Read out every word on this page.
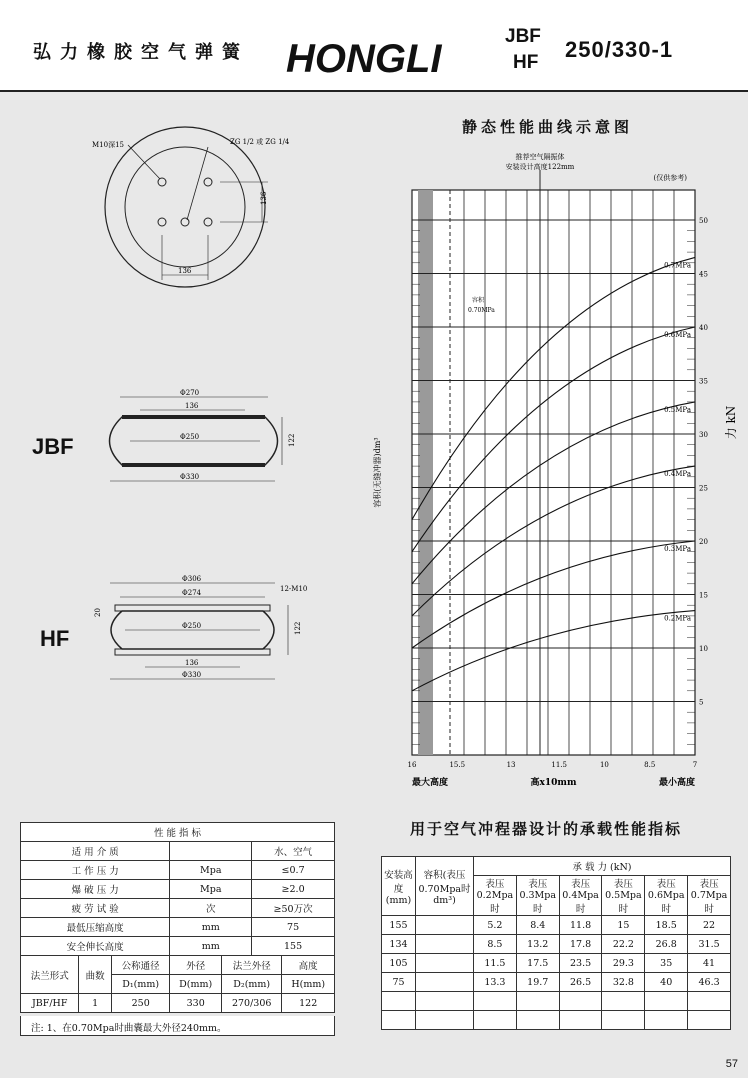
弘力橡胶空气弹簧 HONGLI
JBF
HF
250/330-1
M10深15	ZG 1/2 或 ZG 1/4
136
136
JBF
Φ270
136
Φ250
Φ330
122
HF
Φ306
Φ274	12-M10
Φ250
136
Φ330
122
20
静态性能曲线示意图
5
10
15
20
25
30
35
40
45
50
16	15.5	13	11.5	10	8.5	7
推荐空气隔振体
安装设计高度122mm
(仅供参考)
容积
0.70MPa
0.7MPa
0.6MPa
0.5MPa
0.4MPa
0.3MPa
0.2MPa
容积(无缝冲器)dm³
力 kN
高x10mm
最大高度	最小高度
性 能 指 标						
适 用 介 质					水、空气	
工 作 压 力			Mpa		≤0.7	
爆 破 压 力			Mpa		≥2.0	
疲 劳 试 验			次		≥50万次	
最低压缩高度			mm		75	
安全伸长高度			mm		155	
法兰形式	曲数	公称通径	外径	法兰外径		高度
		D₁(mm)	D(mm)	D₂(mm)		H(mm)
JBF/HF	1	250	330	270/306		122
注: 1、在0.70Mpa时曲囊最大外径240mm。
用于空气冲程器设计的承载性能指标
安装高度(mm)	容积(表压0.70Mpa时dm³)	承 载 力 (kN)					
		表压0.2Mpa时	表压0.3Mpa时	表压0.4Mpa时	表压0.5Mpa时	表压0.6Mpa时	表压0.7Mpa时
155		5.2	8.4	11.8	15	18.5	22
134		8.5	13.2	17.8	22.2	26.8	31.5
105		11.5	17.5	23.5	29.3	35	41
75		13.3	19.7	26.5	32.8	40	46.3

57
